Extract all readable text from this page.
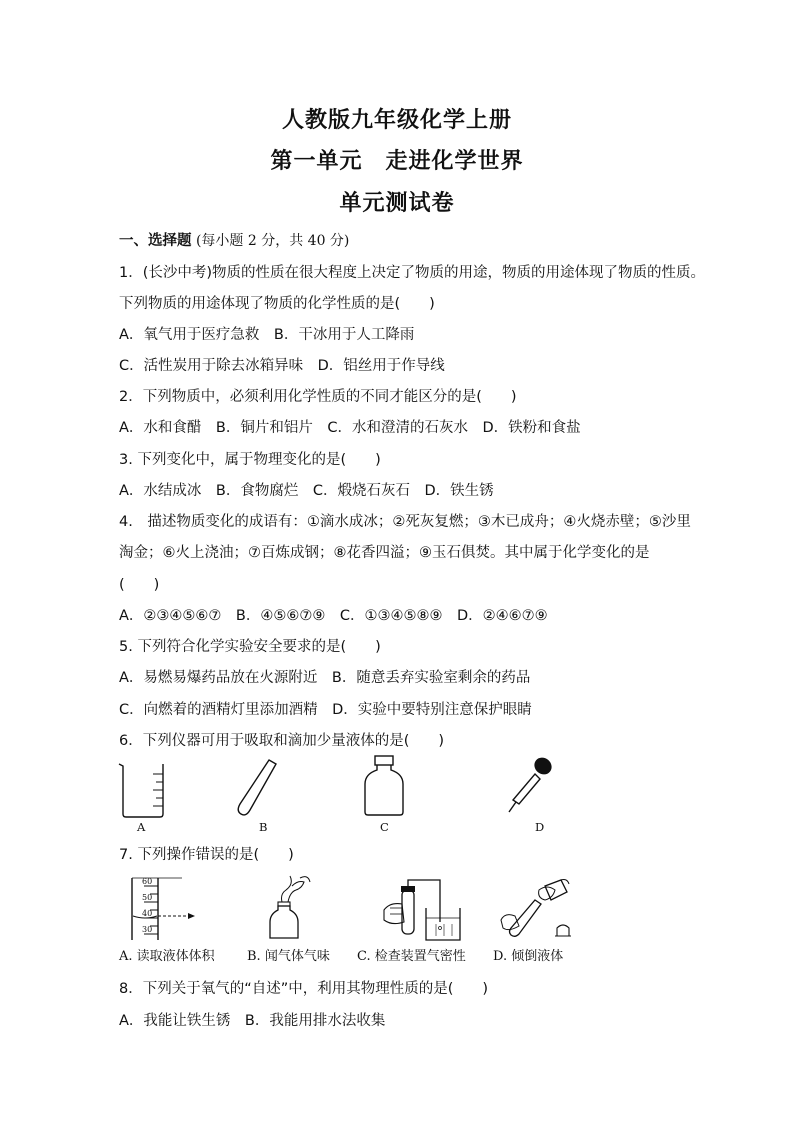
人教版九年级化学上册
第一单元　走进化学世界
单元测试卷
一、选择题 (每小题 2 分，共 40 分)
1．(长沙中考)物质的性质在很大程度上决定了物质的用途，物质的用途体现了物质的性质。
下列物质的用途体现了物质的化学性质的是(　　)
A．氧气用于医疗急救　B．干冰用于人工降雨
C．活性炭用于除去冰箱异味　D．铝丝用于作导线
2．下列物质中，必须利用化学性质的不同才能区分的是(　　)
A．水和食醋　B．铜片和铝片　C．水和澄清的石灰水　D．铁粉和食盐
3. 下列变化中，属于物理变化的是(　　)
A．水结成冰　B．食物腐烂　C．煅烧石灰石　D．铁生锈
4.　描述物质变化的成语有：①滴水成冰；②死灰复燃；③木已成舟；④火烧赤壁；⑤沙里
淘金；⑥火上浇油；⑦百炼成钢；⑧花香四溢；⑨玉石俱焚。其中属于化学变化的是
(　　)
A．②③④⑤⑥⑦　B．④⑤⑥⑦⑨　C．①③④⑤⑧⑨　D．②④⑥⑦⑨
5. 下列符合化学实验安全要求的是(　　)
A．易燃易爆药品放在火源附近　B．随意丢弃实验室剩余的药品
C．向燃着的酒精灯里添加酒精　D．实验中要特别注意保护眼睛
6．下列仪器可用于吸取和滴加少量液体的是(　　)
A	B	C	D
7. 下列操作错误的是(　　)
60
50
40
30
A. 读取液体体积 B. 闻气体气味 C. 检查装置气密性 D. 倾倒液体
8．下列关于氧气的“自述”中，利用其物理性质的是(　　)
A．我能让铁生锈　B．我能用排水法收集
